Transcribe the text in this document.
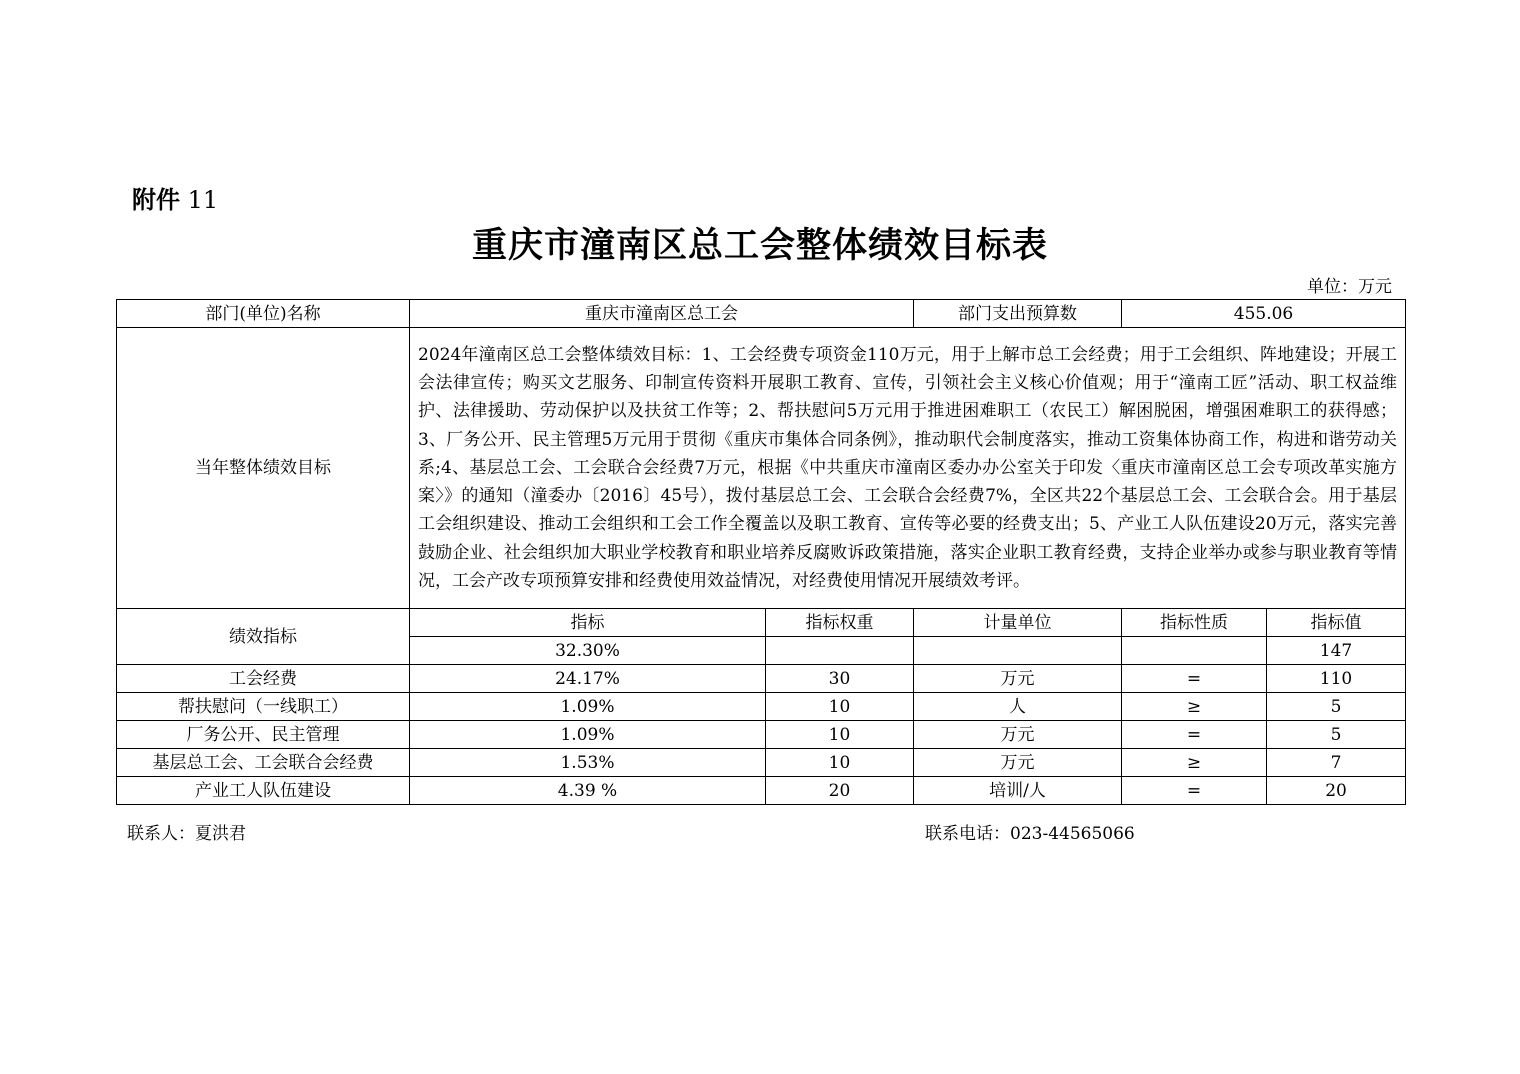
附件 11
重庆市潼南区总工会整体绩效目标表
单位：万元
部门(单位)名称	重庆市潼南区总工会		部门支出预算数	455.06	
当年整体绩效目标	2024年潼南区总工会整体绩效目标：1、工会经费专项资金110万元，用于上解市总工会经费；用于工会组织、阵地建设；开展工会法律宣传；购买文艺服务、印制宣传资料开展职工教育、宣传，引领社会主义核心价值观；用于“潼南工匠”活动、职工权益维护、法律援助、劳动保护以及扶贫工作等；2、帮扶慰问5万元用于推进困难职工（农民工）解困脱困，增强困难职工的获得感；3、厂务公开、民主管理5万元用于贯彻《重庆市集体合同条例》，推动职代会制度落实，推动工资集体协商工作，构进和谐劳动关系;4、基层总工会、工会联合会经费7万元，根据《中共重庆市潼南区委办办公室关于印发〈重庆市潼南区总工会专项改革实施方案〉》的通知（潼委办〔2016〕45号），拨付基层总工会、工会联合会经费7%，全区共22个基层总工会、工会联合会。用于基层工会组织建设、推动工会组织和工会工作全覆盖以及职工教育、宣传等必要的经费支出；5、产业工人队伍建设20万元，落实完善鼓励企业、社会组织加大职业学校教育和职业培养反腐败诉政策措施，落实企业职工教育经费，支持企业举办或参与职业教育等情况，工会产改专项预算安排和经费使用效益情况，对经费使用情况开展绩效考评。				
绩效指标	指标	指标权重	计量单位	指标性质	指标值
	32.30%				147
工会经费	24.17%	30	万元	=	110
帮扶慰问（一线职工）	1.09%	10	人	≥	5
厂务公开、民主管理	1.09%	10	万元	=	5
基层总工会、工会联合会经费	1.53%	10	万元	≥	7
产业工人队伍建设	4.39 %	20	培训/人	=	20
联系人：夏洪君	联系电话：023-44565066
